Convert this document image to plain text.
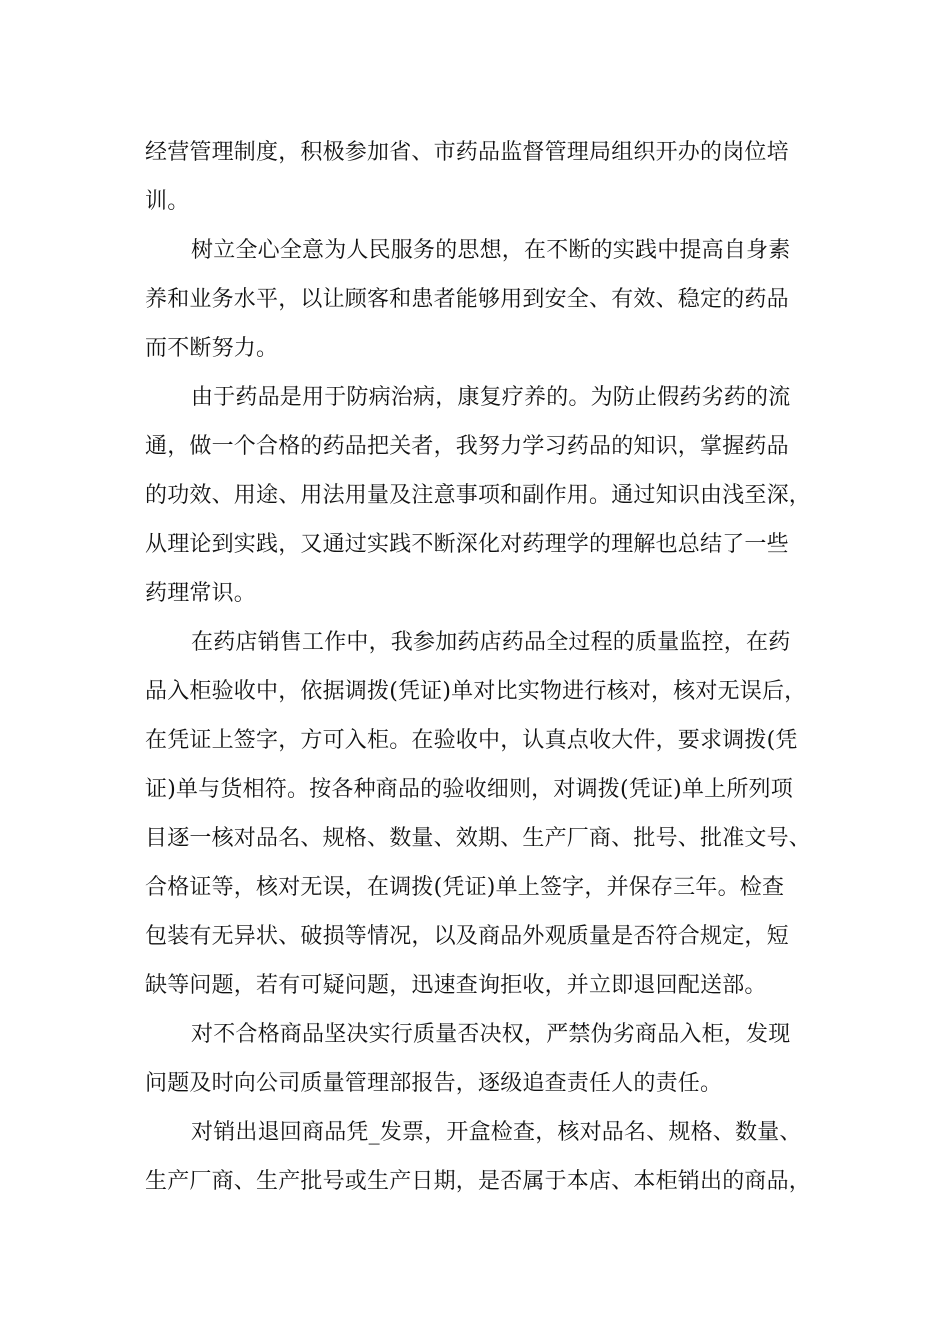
经营管理制度，积极参加省、市药品监督管理局组织开办的岗位培
训。
树立全心全意为人民服务的思想，在不断的实践中提高自身素
养和业务水平，以让顾客和患者能够用到安全、有效、稳定的药品
而不断努力。
由于药品是用于防病治病，康复疗养的。为防止假药劣药的流
通，做一个合格的药品把关者，我努力学习药品的知识，掌握药品
的功效、用途、用法用量及注意事项和副作用。通过知识由浅至深，
从理论到实践，又通过实践不断深化对药理学的理解也总结了一些
药理常识。
在药店销售工作中，我参加药店药品全过程的质量监控，在药
品入柜验收中，依据调拨(凭证)单对比实物进行核对，核对无误后，
在凭证上签字，方可入柜。在验收中，认真点收大件，要求调拨(凭
证)单与货相符。按各种商品的验收细则，对调拨(凭证)单上所列项
目逐一核对品名、规格、数量、效期、生产厂商、批号、批准文号、
合格证等，核对无误，在调拨(凭证)单上签字，并保存三年。检查
包装有无异状、破损等情况，以及商品外观质量是否符合规定，短
缺等问题，若有可疑问题，迅速查询拒收，并立即退回配送部。
对不合格商品坚决实行质量否决权，严禁伪劣商品入柜，发现
问题及时向公司质量管理部报告，逐级追查责任人的责任。
对销出退回商品凭_发票，开盒检查，核对品名、规格、数量、
生产厂商、生产批号或生产日期，是否属于本店、本柜销出的商品，
